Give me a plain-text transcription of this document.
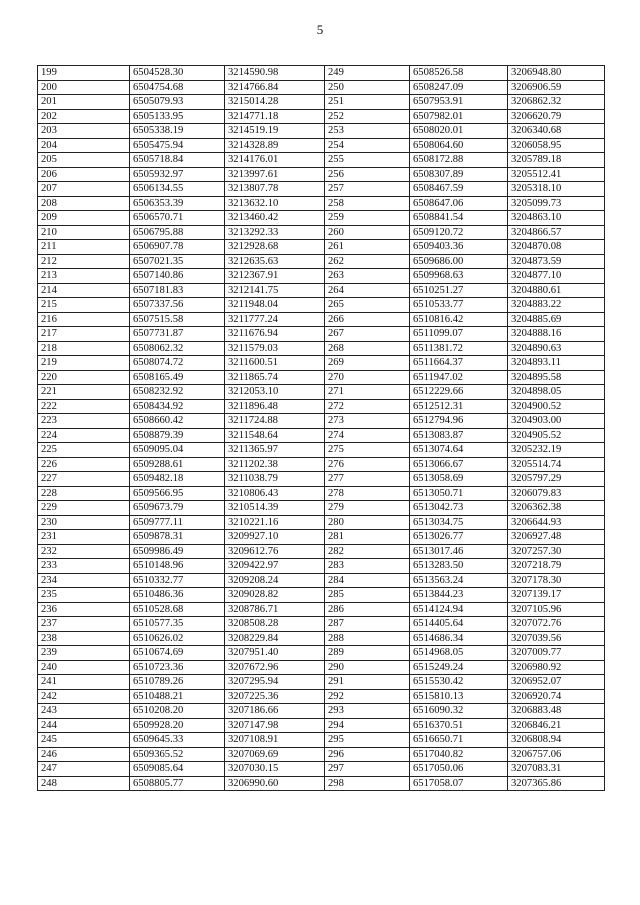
5
199	6504528.30	3214590.98	249	6508526.58	3206948.80
200	6504754.68	3214766.84	250	6508247.09	3206906.59
201	6505079.93	3215014.28	251	6507953.91	3206862.32
202	6505133.95	3214771.18	252	6507982.01	3206620.79
203	6505338.19	3214519.19	253	6508020.01	3206340.68
204	6505475.94	3214328.89	254	6508064.60	3206058.95
205	6505718.84	3214176.01	255	6508172.88	3205789.18
206	6505932.97	3213997.61	256	6508307.89	3205512.41
207	6506134.55	3213807.78	257	6508467.59	3205318.10
208	6506353.39	3213632.10	258	6508647.06	3205099.73
209	6506570.71	3213460.42	259	6508841.54	3204863.10
210	6506795.88	3213292.33	260	6509120.72	3204866.57
211	6506907.78	3212928.68	261	6509403.36	3204870.08
212	6507021.35	3212635.63	262	6509686.00	3204873.59
213	6507140.86	3212367.91	263	6509968.63	3204877.10
214	6507181.83	3212141.75	264	6510251.27	3204880.61
215	6507337.56	3211948.04	265	6510533.77	3204883.22
216	6507515.58	3211777.24	266	6510816.42	3204885.69
217	6507731.87	3211676.94	267	6511099.07	3204888.16
218	6508062.32	3211579.03	268	6511381.72	3204890.63
219	6508074.72	3211600.51	269	6511664.37	3204893.11
220	6508165.49	3211865.74	270	6511947.02	3204895.58
221	6508232.92	3212053.10	271	6512229.66	3204898.05
222	6508434.92	3211896.48	272	6512512.31	3204900.52
223	6508660.42	3211724.88	273	6512794.96	3204903.00
224	6508879.39	3211548.64	274	6513083.87	3204905.52
225	6509095.04	3211365.97	275	6513074.64	3205232.19
226	6509288.61	3211202.38	276	6513066.67	3205514.74
227	6509482.18	3211038.79	277	6513058.69	3205797.29
228	6509566.95	3210806.43	278	6513050.71	3206079.83
229	6509673.79	3210514.39	279	6513042.73	3206362.38
230	6509777.11	3210221.16	280	6513034.75	3206644.93
231	6509878.31	3209927.10	281	6513026.77	3206927.48
232	6509986.49	3209612.76	282	6513017.46	3207257.30
233	6510148.96	3209422.97	283	6513283.50	3207218.79
234	6510332.77	3209208.24	284	6513563.24	3207178.30
235	6510486.36	3209028.82	285	6513844.23	3207139.17
236	6510528.68	3208786.71	286	6514124.94	3207105.96
237	6510577.35	3208508.28	287	6514405.64	3207072.76
238	6510626.02	3208229.84	288	6514686.34	3207039.56
239	6510674.69	3207951.40	289	6514968.05	3207009.77
240	6510723.36	3207672.96	290	6515249.24	3206980.92
241	6510789.26	3207295.94	291	6515530.42	3206952.07
242	6510488.21	3207225.36	292	6515810.13	3206920.74
243	6510208.20	3207186.66	293	6516090.32	3206883.48
244	6509928.20	3207147.98	294	6516370.51	3206846.21
245	6509645.33	3207108.91	295	6516650.71	3206808.94
246	6509365.52	3207069.69	296	6517040.82	3206757.06
247	6509085.64	3207030.15	297	6517050.06	3207083.31
248	6508805.77	3206990.60	298	6517058.07	3207365.86
